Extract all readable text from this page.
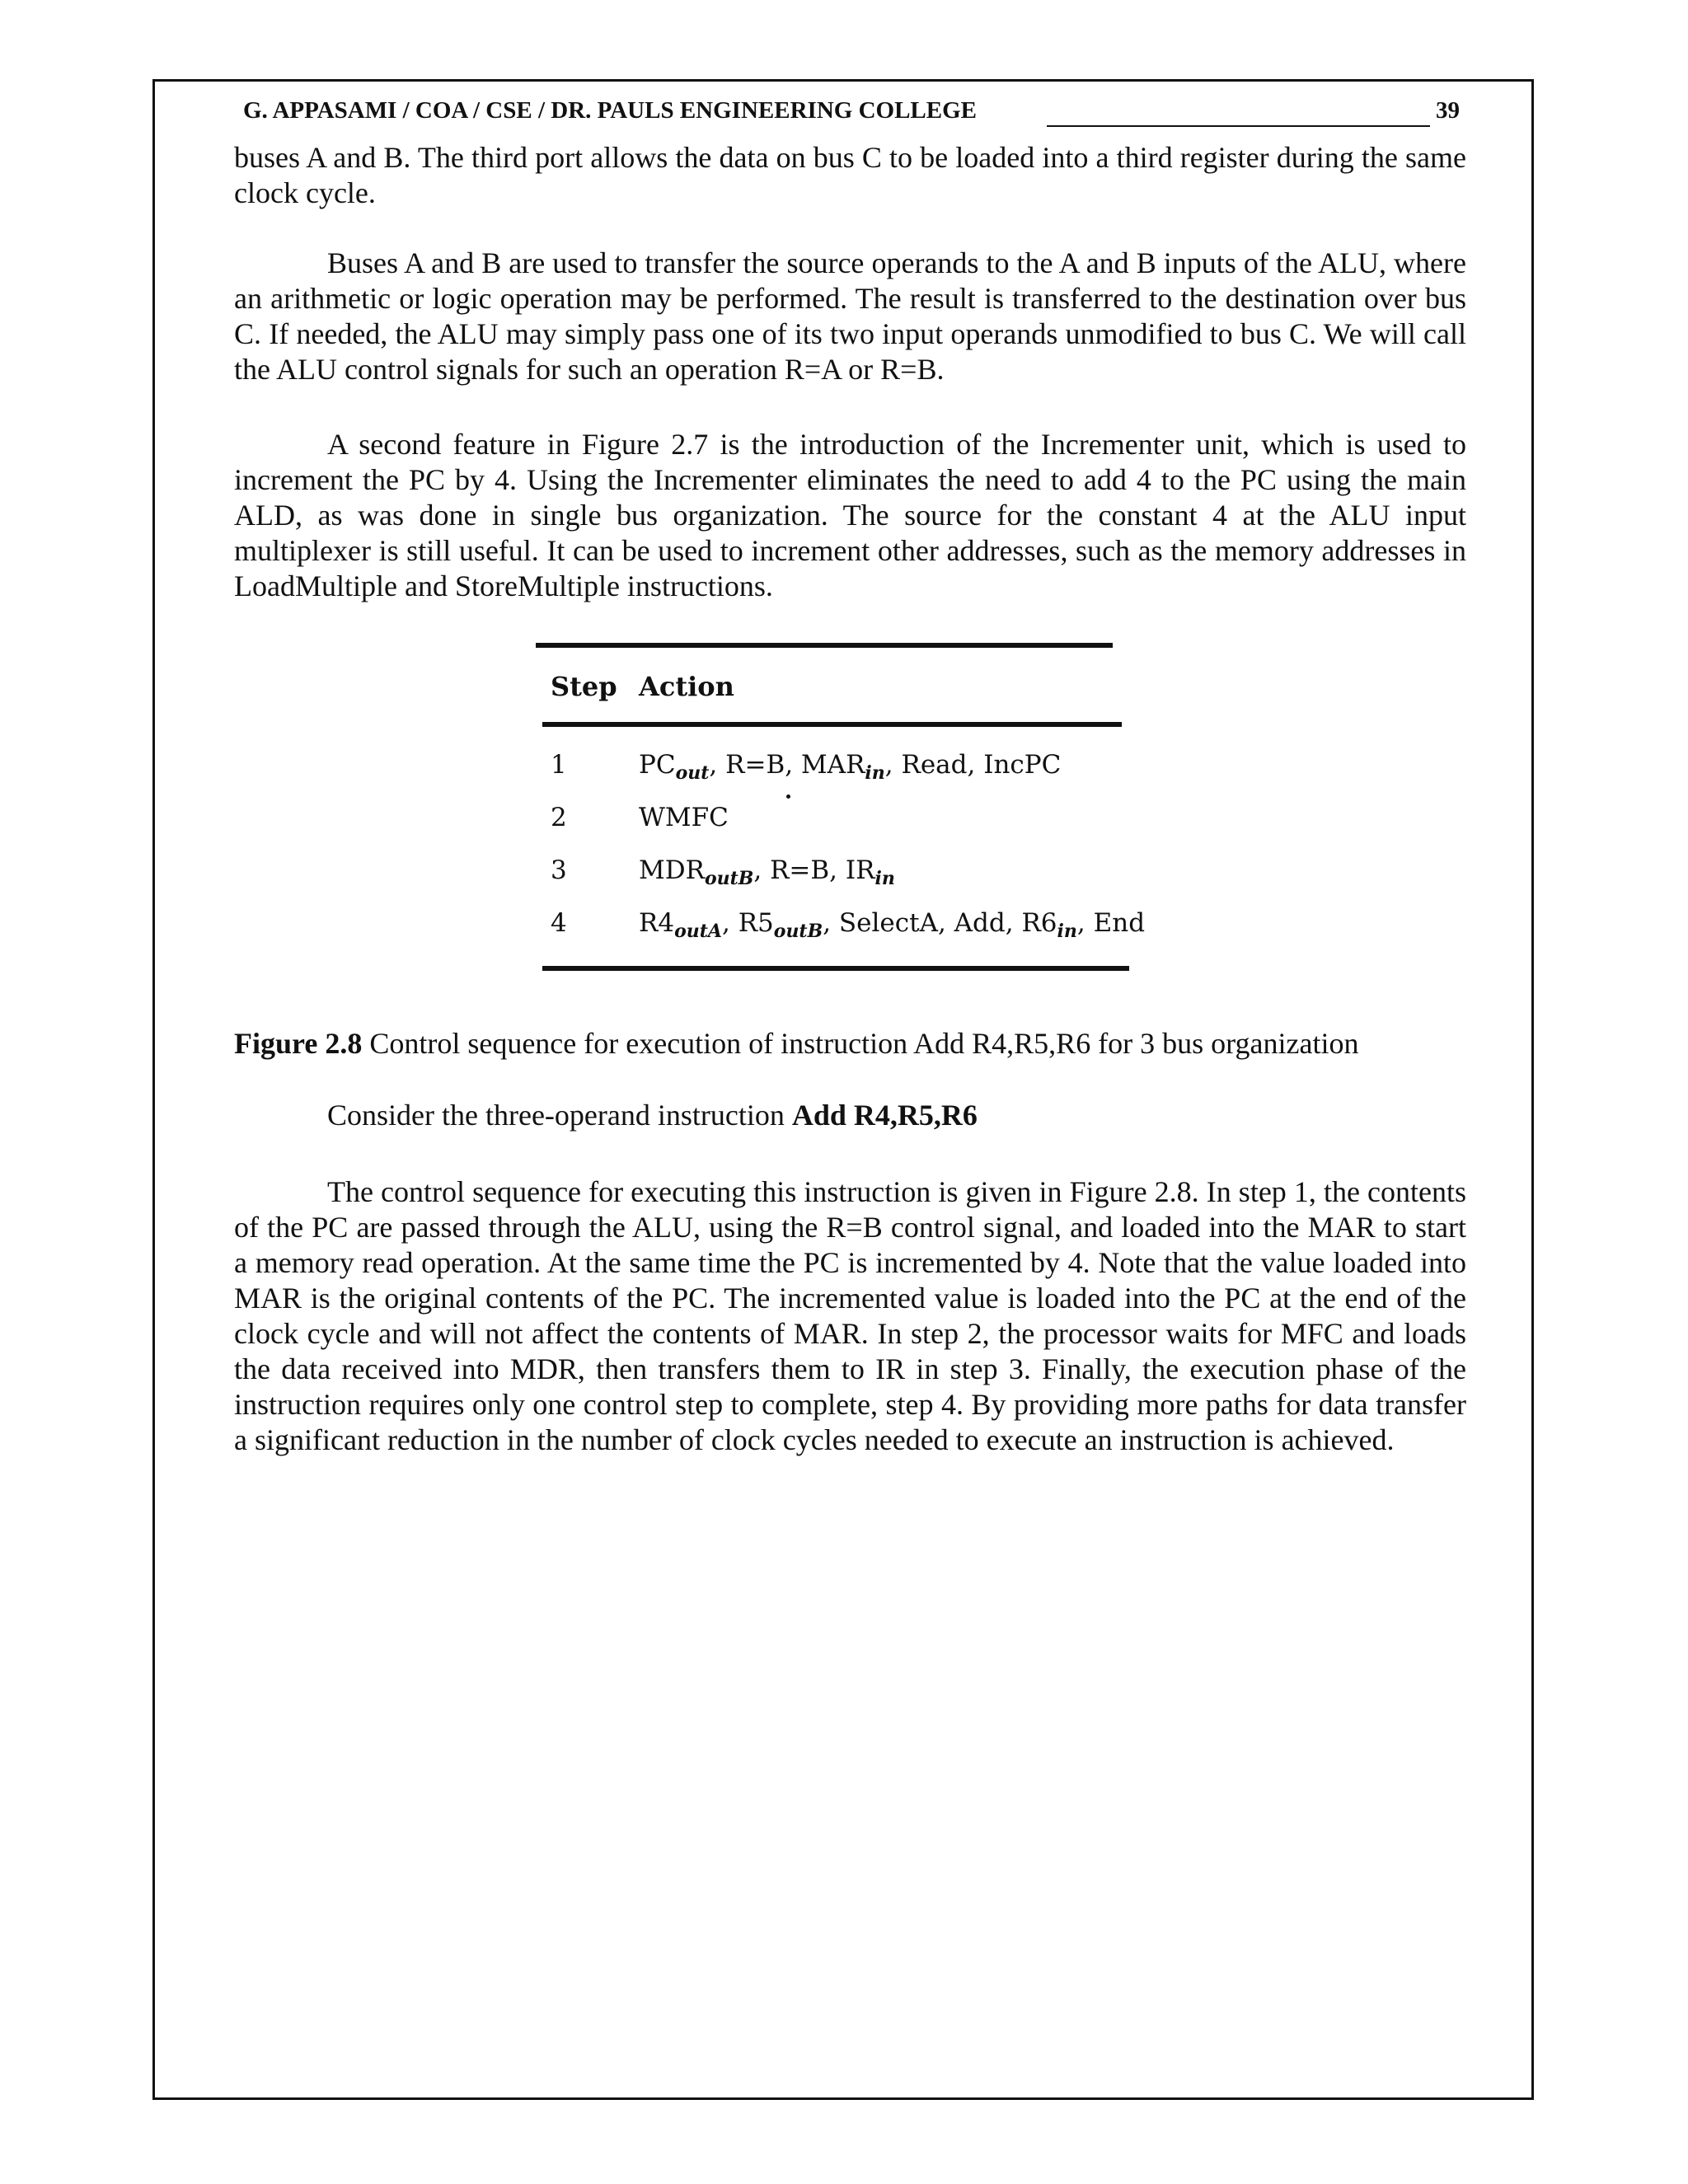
G. APPASAMI / COA / CSE / DR. PAULS ENGINEERING COLLEGE	39
buses A and B. The third port allows the data on bus C to be loaded into a third register during the same clock cycle.
Buses A and B are used to transfer the source operands to the A and B inputs of the ALU, where an arithmetic or logic operation may be performed. The result is transferred to the destination over bus C. If needed, the ALU may simply pass one of its two input operands unmodified to bus C. We will call the ALU control signals for such an operation R=A or R=B.
A second feature in Figure 2.7 is the introduction of the Incrementer unit, which is used to increment the PC by 4. Using the Incrementer eliminates the need to add 4 to the PC using the main ALD, as was done in single bus organization. The source for the constant 4 at the ALU input multiplexer is still useful. It can be used to increment other addresses, such as the memory addresses in LoadMultiple and StoreMultiple instructions.
Step Action
1	$PC_{out}$, R=B, $MAR_{in}$, Read, IncPC
2	WMFC
3	$MDR_{outB}$, R=B, $IR_{in}$
4	$R4_{outA}$, $R5_{outB}$, SelectA, Add, $R6_{in}$, End
Figure 2.8 Control sequence for execution of instruction Add R4,R5,R6 for 3 bus organization
Consider the three-operand instruction Add R4,R5,R6
The control sequence for executing this instruction is given in Figure 2.8. In step 1, the contents of the PC are passed through the ALU, using the R=B control signal, and loaded into the MAR to start a memory read operation. At the same time the PC is incremented by 4. Note that the value loaded into MAR is the original contents of the PC. The incremented value is loaded into the PC at the end of the clock cycle and will not affect the contents of MAR. In step 2, the processor waits for MFC and loads the data received into MDR, then transfers them to IR in step 3. Finally, the execution phase of the instruction requires only one control step to complete, step 4. By providing more paths for data transfer a significant reduction in the number of clock cycles needed to execute an instruction is achieved.
